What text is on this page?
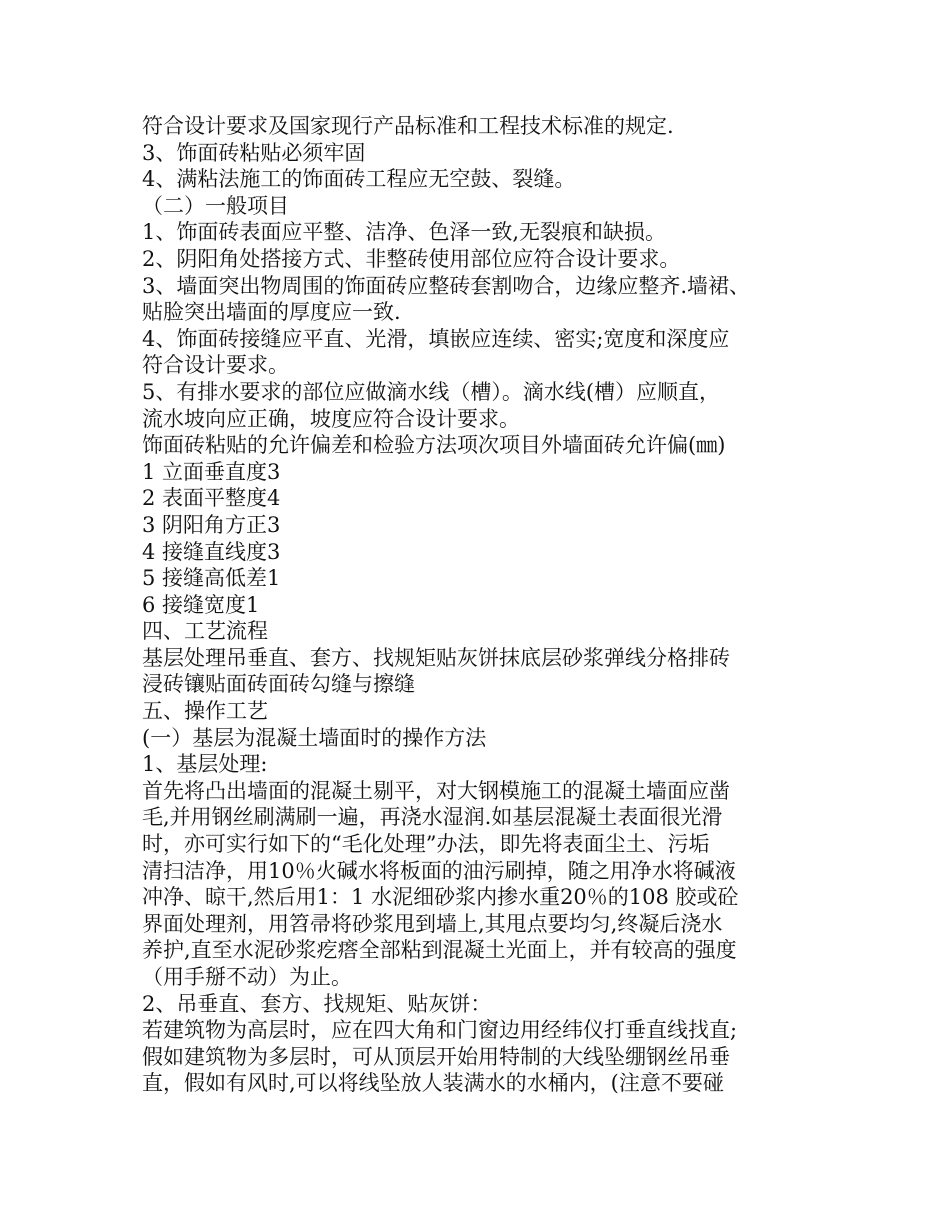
符合设计要求及国家现行产品标准和工程技术标准的规定.
3、饰面砖粘贴必须牢固
4、满粘法施工的饰面砖工程应无空鼓、裂缝。
（二）一般项目
1、饰面砖表面应平整、洁净、色泽一致,无裂痕和缺损。
2、阴阳角处搭接方式、非整砖使用部位应符合设计要求。
3、墙面突出物周围的饰面砖应整砖套割吻合，边缘应整齐.墙裙、
贴脸突出墙面的厚度应一致.
4、饰面砖接缝应平直、光滑，填嵌应连续、密实;宽度和深度应
符合设计要求。
5、有排水要求的部位应做滴水线（槽）。滴水线(槽）应顺直，
流水坡向应正确，坡度应符合设计要求。
饰面砖粘贴的允许偏差和检验方法项次项目外墙面砖允许偏(㎜)
1 立面垂直度3
2 表面平整度4
3 阴阳角方正3
4 接缝直线度3
5 接缝高低差1
6 接缝宽度1
四、工艺流程
基层处理吊垂直、套方、找规矩贴灰饼抹底层砂浆弹线分格排砖
浸砖镶贴面砖面砖勾缝与擦缝
五、操作工艺
(一）基层为混凝土墙面时的操作方法
1、基层处理:
首先将凸出墙面的混凝土剔平，对大钢模施工的混凝土墙面应凿
毛,并用钢丝刷满刷一遍，再浇水湿润.如基层混凝土表面很光滑
时，亦可实行如下的“毛化处理”办法，即先将表面尘土、污垢
清扫洁净，用10％火碱水将板面的油污刷掉，随之用净水将碱液
冲净、晾干,然后用1：1 水泥细砂浆内掺水重20％的108 胶或砼
界面处理剂，用笤帚将砂浆甩到墙上,其甩点要均匀,终凝后浇水
养护,直至水泥砂浆疙瘩全部粘到混凝土光面上，并有较高的强度
（用手掰不动）为止。
2、吊垂直、套方、找规矩、贴灰饼：
若建筑物为高层时，应在四大角和门窗边用经纬仪打垂直线找直;
假如建筑物为多层时，可从顶层开始用特制的大线坠绷钢丝吊垂
直，假如有风时,可以将线坠放人装满水的水桶内，(注意不要碰
